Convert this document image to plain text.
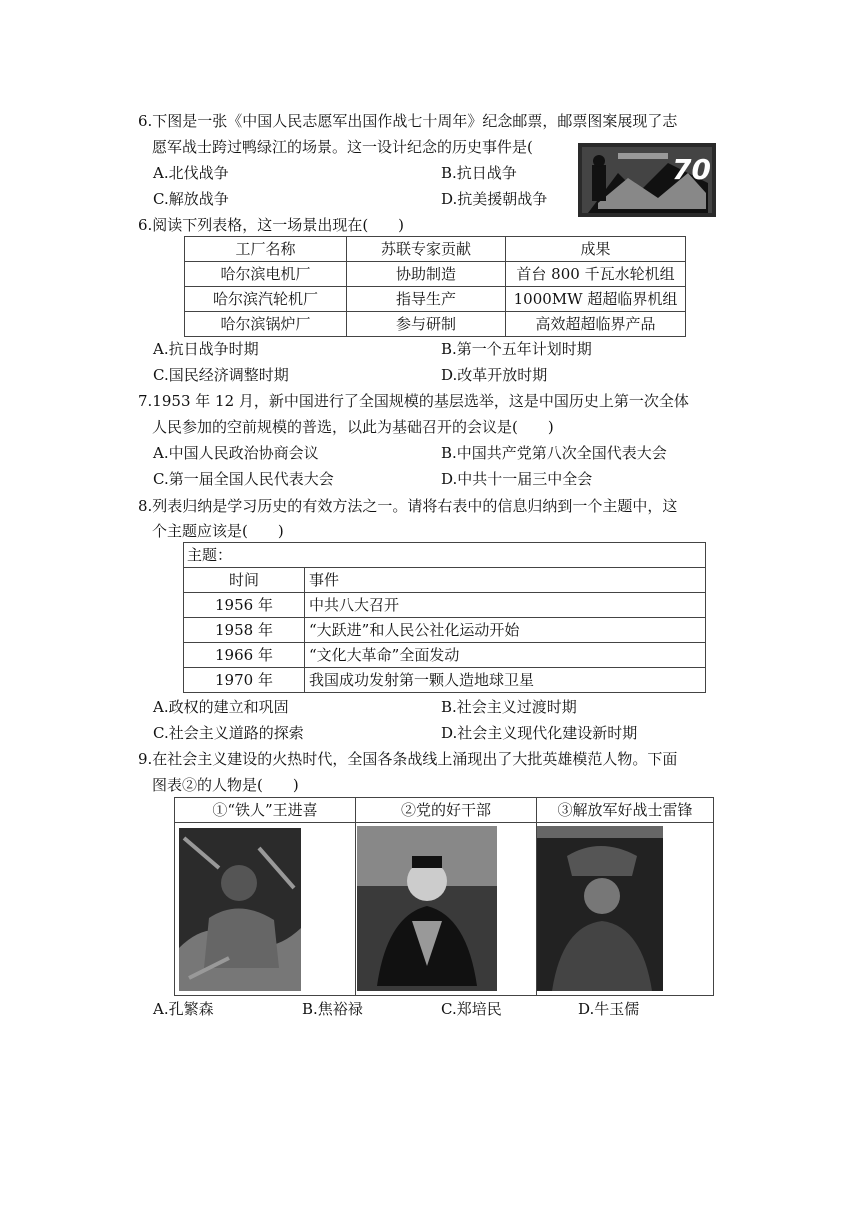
6.下图是一张《中国人民志愿军出国作战七十周年》纪念邮票，邮票图案展现了志
愿军战士跨过鸭绿江的场景。这一设计纪念的历史事件是(
70
A.北伐战争	B.抗日战争
C.解放战争	D.抗美援朝战争
6.阅读下列表格，这一场景出现在(　　)
工厂名称	苏联专家贡献	成果
哈尔滨电机厂	协助制造	首台 800 千瓦水轮机组
哈尔滨汽轮机厂	指导生产	1000MW 超超临界机组
哈尔滨锅炉厂	参与研制	高效超超临界产品
A.抗日战争时期	B.第一个五年计划时期
C.国民经济调整时期	D.改革开放时期
7.1953 年 12 月，新中国进行了全国规模的基层选举，这是中国历史上第一次全体
人民参加的空前规模的普选，以此为基础召开的会议是(　　)
A.中国人民政治协商会议	B.中国共产党第八次全国代表大会
C.第一届全国人民代表大会	D.中共十一届三中全会
8.列表归纳是学习历史的有效方法之一。请将右表中的信息归纳到一个主题中，这
个主题应该是(　　)
主题：	
时间	事件
1956 年	中共八大召开
1958 年	“大跃进”和人民公社化运动开始
1966 年	“文化大革命”全面发动
1970 年	我国成功发射第一颗人造地球卫星
A.政权的建立和巩固	B.社会主义过渡时期
C.社会主义道路的探索	D.社会主义现代化建设新时期
9.在社会主义建设的火热时代，全国各条战线上涌现出了大批英雄模范人物。下面
图表②的人物是(　　)
①“铁人”王进喜	②党的好干部	③解放军好战士雷锋

A.孔繁森	B.焦裕禄	C.郑培民	D.牛玉儒
